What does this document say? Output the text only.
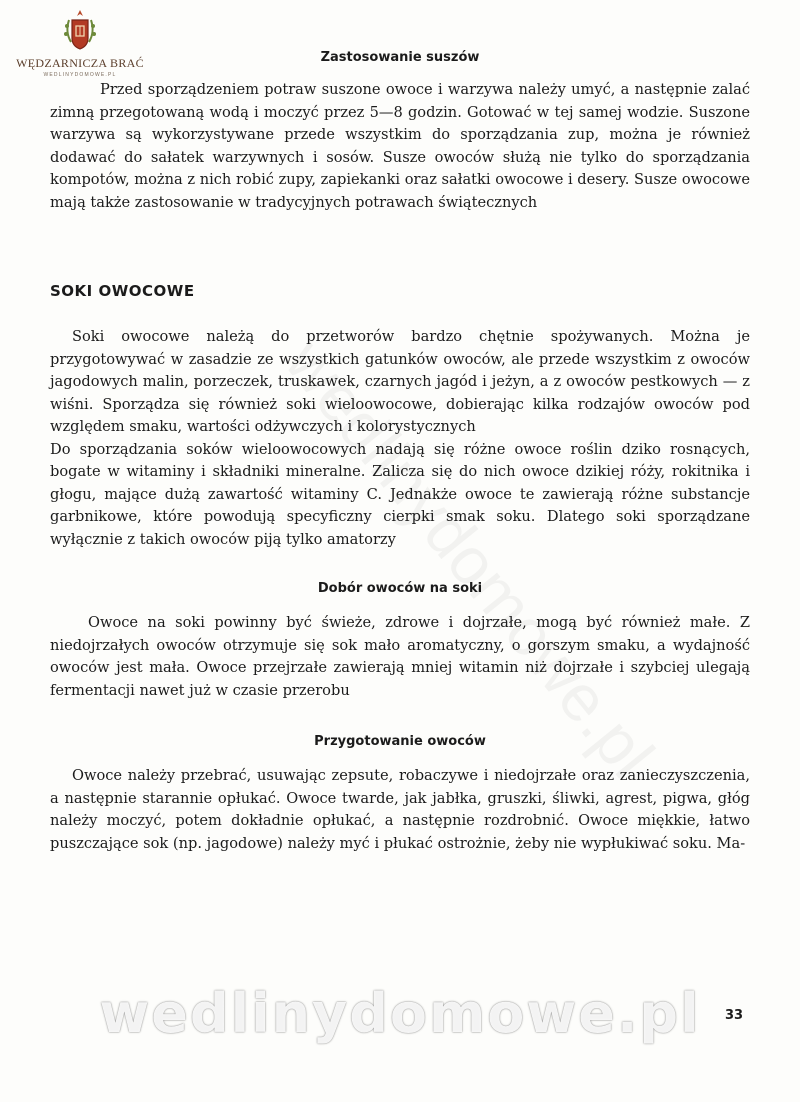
WĘDZARNICZA BRAĆ
WEDLINYDOMOWE.PL
Zastosowanie suszów

Przed sporządzeniem potraw suszone owoce i warzywa należy umyć, a następnie zalać zimną przegotowaną wodą i moczyć przez 5—8 godzin. Gotować w tej samej wodzie. Suszone warzywa są wykorzystywane przede wszystkim do sporządzania zup, można je również dodawać do sałatek warzywnych i sosów. Susze owoców służą nie tylko do sporządzania kompotów, można z nich robić zupy, zapiekanki oraz sałatki owocowe i desery. Susze owocowe mają także zastosowanie w tradycyjnych potrawach świątecznych

SOKI OWOCOWE

Soki owocowe należą do przetworów bardzo chętnie spożywanych. Można je przygotowywać w zasadzie ze wszystkich gatunków owoców, ale przede wszystkim z owoców jagodowych malin, porzeczek, truskawek, czarnych jagód i jeżyn, a z owoców pestkowych — z wiśni. Sporządza się również soki wieloowocowe, dobierając kilka rodzajów owoców pod względem smaku, wartości odżywczych i kolorystycznych

Do sporządzania soków wieloowocowych nadają się różne owoce roślin dziko rosnących, bogate w witaminy i składniki mineralne. Zalicza się do nich owoce dzikiej róży, rokitnika i głogu, mające dużą zawartość witaminy C. Jednakże owoce te zawierają różne substancje garbnikowe, które powodują specyficzny cierpki smak soku. Dlatego soki sporządzane wyłącznie z takich owoców piją tylko amatorzy

Dobór owoców na soki

Owoce na soki powinny być świeże, zdrowe i dojrzałe, mogą być również małe. Z niedojrzałych owoców otrzymuje się sok mało aromatyczny, o gorszym smaku, a wydajność owoców jest mała. Owoce przejrzałe zawierają mniej witamin niż dojrzałe i szybciej ulegają fermentacji nawet już w czasie przerobu

Przygotowanie owoców

Owoce należy przebrać, usuwając zepsute, robaczywe i niedojrzałe oraz zanieczyszczenia, a następnie starannie opłukać. Owoce twarde, jak jabłka, gruszki, śliwki, agrest, pigwa, głóg należy moczyć, potem dokładnie opłukać, a następnie rozdrobnić. Owoce miękkie, łatwo puszczające sok (np. jagodowe) należy myć i płukać ostrożnie, żeby nie wypłukiwać soku. Ma-

wedlinydomowe.pl	33
